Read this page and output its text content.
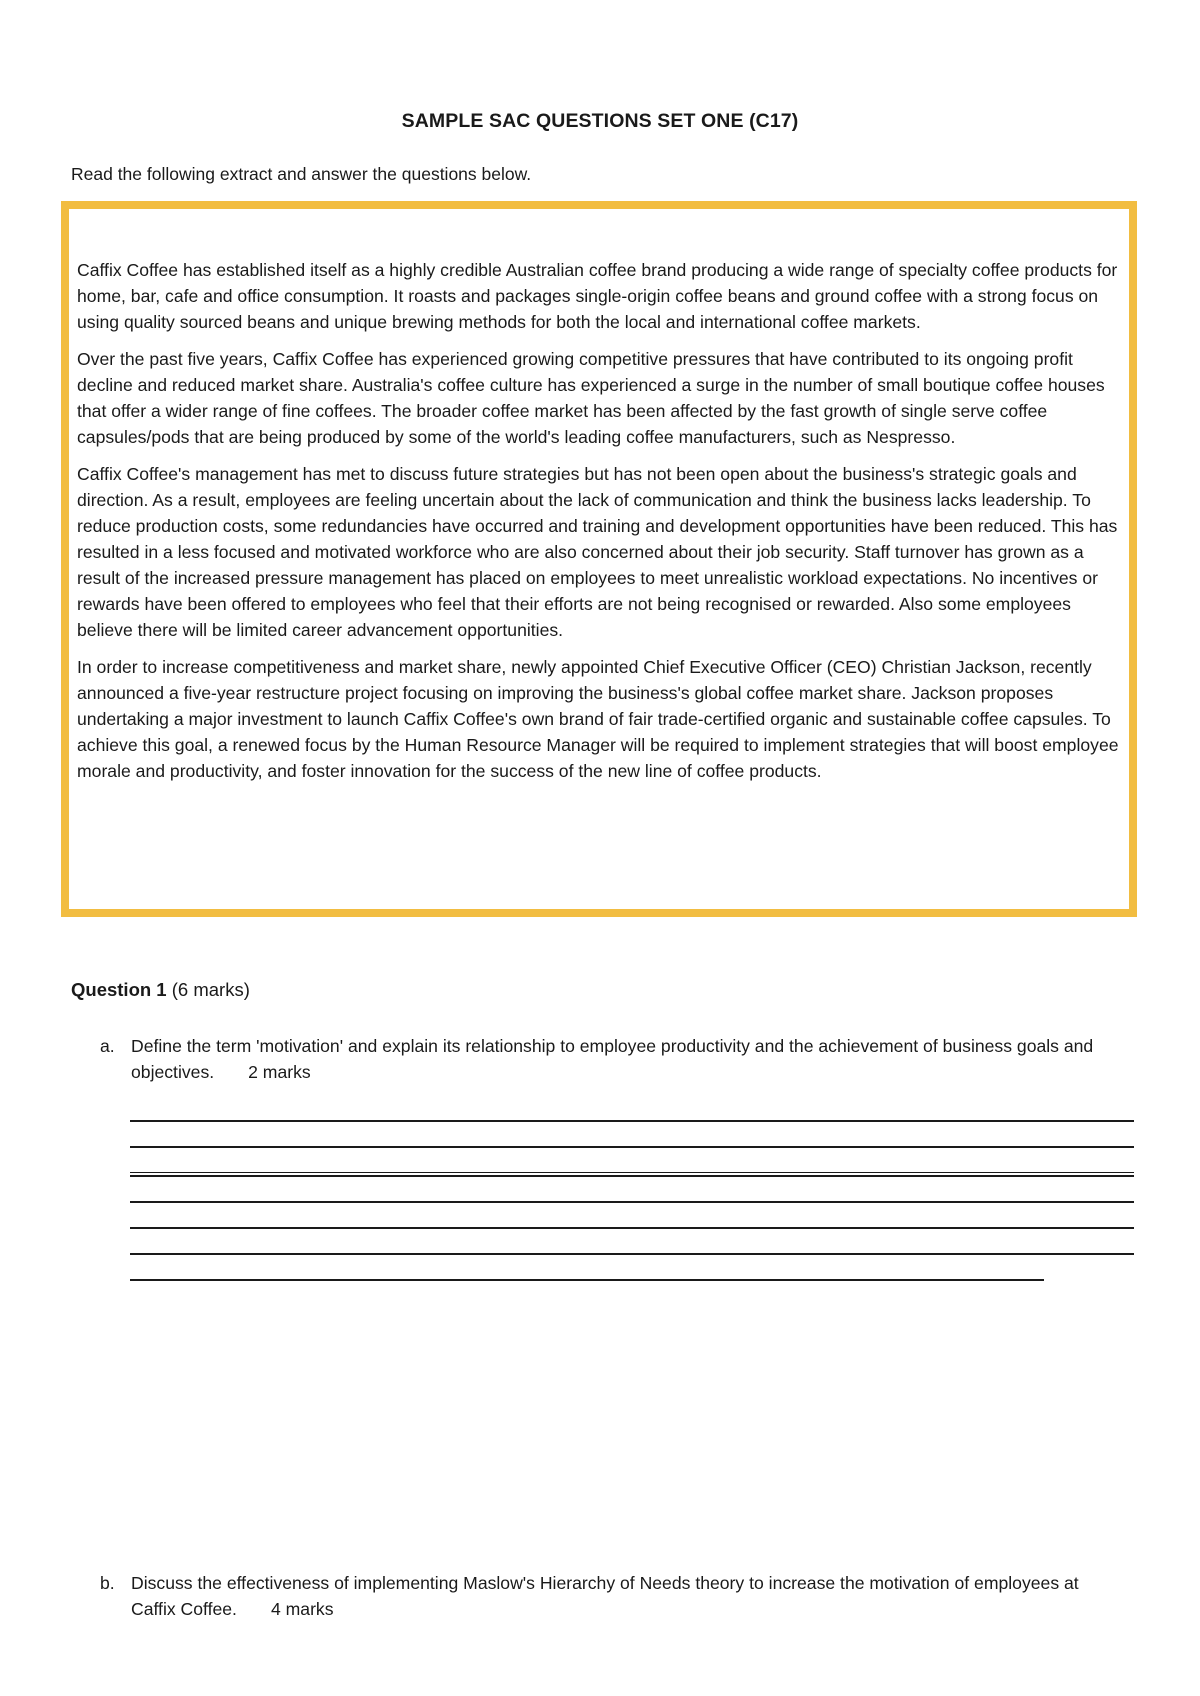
SAMPLE SAC QUESTIONS SET ONE (C17)
Read the following extract and answer the questions below.

Caffix Coffee has established itself as a highly credible Australian coffee brand producing a wide range of specialty coffee products for home, bar, cafe and office consumption. It roasts and packages single-origin coffee beans and ground coffee with a strong focus on using quality sourced beans and unique brewing methods for both the local and international coffee markets.

Over the past five years, Caffix Coffee has experienced growing competitive pressures that have contributed to its ongoing profit decline and reduced market share. Australia's coffee culture has experienced a surge in the number of small boutique coffee houses that offer a wider range of fine coffees. The broader coffee market has been affected by the fast growth of single serve coffee capsules/pods that are being produced by some of the world's leading coffee manufacturers, such as Nespresso.

Caffix Coffee's management has met to discuss future strategies but has not been open about the business's strategic goals and direction. As a result, employees are feeling uncertain about the lack of communication and think the business lacks leadership. To reduce production costs, some redundancies have occurred and training and development opportunities have been reduced. This has resulted in a less focused and motivated workforce who are also concerned about their job security. Staff turnover has grown as a result of the increased pressure management has placed on employees to meet unrealistic workload expectations. No incentives or rewards have been offered to employees who feel that their efforts are not being recognised or rewarded. Also some employees believe there will be limited career advancement opportunities.

In order to increase competitiveness and market share, newly appointed Chief Executive Officer (CEO) Christian Jackson, recently announced a five-year restructure project focusing on improving the business's global coffee market share. Jackson proposes undertaking a major investment to launch Caffix Coffee's own brand of fair trade-certified organic and sustainable coffee capsules. To achieve this goal, a renewed focus by the Human Resource Manager will be required to implement strategies that will boost employee morale and productivity, and foster innovation for the success of the new line of coffee products.

Question 1 (6 marks)
a. Define the term 'motivation' and explain its relationship to employee productivity and the achievement of business goals and objectives. 2 marks
b. Discuss the effectiveness of implementing Maslow's Hierarchy of Needs theory to increase the motivation of employees at Caffix Coffee. 4 marks
